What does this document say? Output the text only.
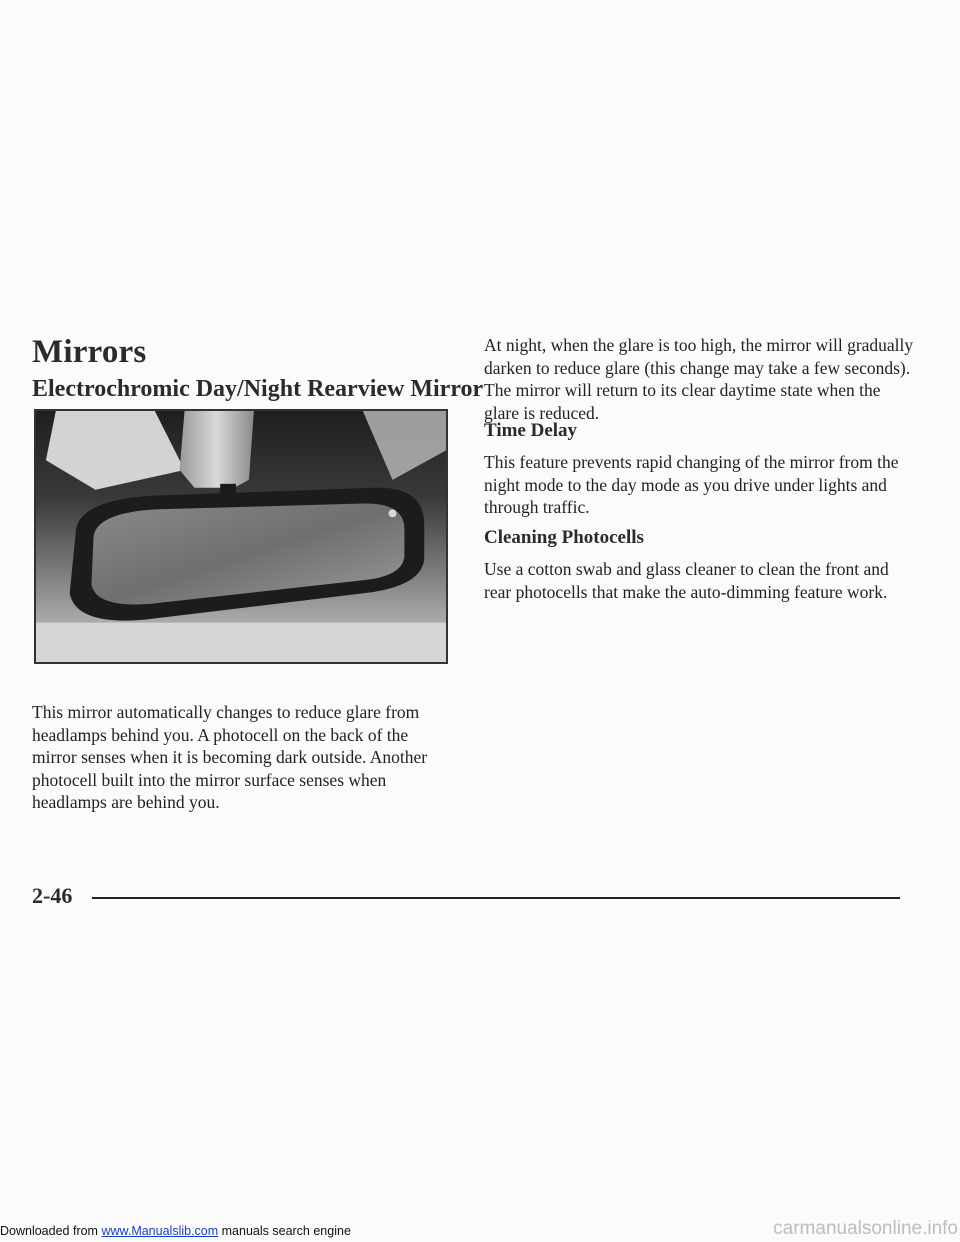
Mirrors
Electrochromic Day/Night Rearview Mirror
This mirror automatically changes to reduce glare from headlamps behind you. A photocell on the back of the mirror senses when it is becoming dark outside. Another photocell built into the mirror surface senses when headlamps are behind you.
At night, when the glare is too high, the mirror will gradually darken to reduce glare (this change may take a few seconds). The mirror will return to its clear daytime state when the glare is reduced.
Time Delay
This feature prevents rapid changing of the mirror from the night mode to the day mode as you drive under lights and through traffic.
Cleaning Photocells
Use a cotton swab and glass cleaner to clean the front and rear photocells that make the auto-dimming feature work.
2-46
Downloaded from www.Manualslib.com manuals search engine	carmanualsonline.info
